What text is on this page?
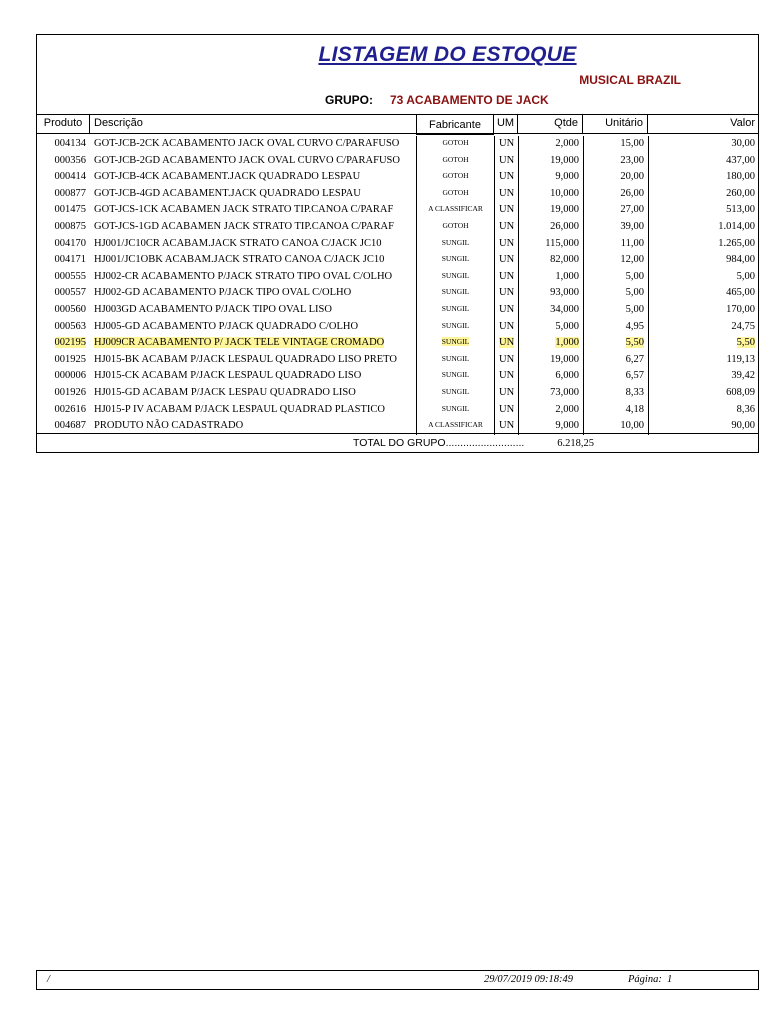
LISTAGEM DO ESTOQUE
MUSICAL BRAZIL
GRUPO: 73 ACABAMENTO DE JACK
Produto	Descrição	Fabricante	UM	Qtde	Unitário	Valor
004134 GOT-JCB-2CK ACABAMENTO JACK OVAL CURVO C/PARAFUSO	GOTOH	UN	2,000	15,00	30,00
000356 GOT-JCB-2GD ACABAMENTO JACK OVAL CURVO C/PARAFUSO	GOTOH	UN	19,000	23,00	437,00
000414 GOT-JCB-4CK ACABAMENT.JACK QUADRADO LESPAU	GOTOH	UN	9,000	20,00	180,00
000877 GOT-JCB-4GD ACABAMENT.JACK QUADRADO LESPAU	GOTOH	UN	10,000	26,00	260,00
001475 GOT-JCS-1CK ACABAMEN JACK STRATO TIP.CANOA C/PARAF	A CLASSIFICAR	UN	19,000	27,00	513,00
000875 GOT-JCS-1GD ACABAMEN JACK STRATO TIP.CANOA C/PARAF	GOTOH	UN	26,000	39,00	1.014,00
004170 HJ001/JC10CR ACABAM.JACK STRATO CANOA C/JACK JC10	SUNGIL	UN	115,000	11,00	1.265,00
004171 HJ001/JC1OBK ACABAM.JACK STRATO CANOA C/JACK JC10	SUNGIL	UN	82,000	12,00	984,00
000555 HJ002-CR ACABAMENTO P/JACK STRATO TIPO OVAL C/OLHO	SUNGIL	UN	1,000	5,00	5,00
000557 HJ002-GD ACABAMENTO P/JACK TIPO OVAL C/OLHO	SUNGIL	UN	93,000	5,00	465,00
000560 HJ003GD ACABAMENTO P/JACK TIPO OVAL LISO	SUNGIL	UN	34,000	5,00	170,00
000563 HJ005-GD ACABAMENTO P/JACK QUADRADO C/OLHO	SUNGIL	UN	5,000	4,95	24,75
002195 HJ009CR ACABAMENTO P/ JACK TELE VINTAGE CROMADO	SUNGIL	UN	1,000	5,50	5,50
001925 HJ015-BK ACABAM P/JACK LESPAUL QUADRADO LISO PRETO	SUNGIL	UN	19,000	6,27	119,13
000006 HJ015-CK ACABAM P/JACK LESPAUL QUADRADO LISO	SUNGIL	UN	6,000	6,57	39,42
001926 HJ015-GD ACABAM P/JACK LESPAU QUADRADO LISO	SUNGIL	UN	73,000	8,33	608,09
002616 HJ015-P IV ACABAM P/JACK LESPAUL QUADRAD PLASTICO	SUNGIL	UN	2,000	4,18	8,36
004687 PRODUTO NÃO CADASTRADO	A CLASSIFICAR	UN	9,000	10,00	90,00
TOTAL DO GRUPO...........................	6.218,25
/	29/07/2019 09:18:49	Página: 1
